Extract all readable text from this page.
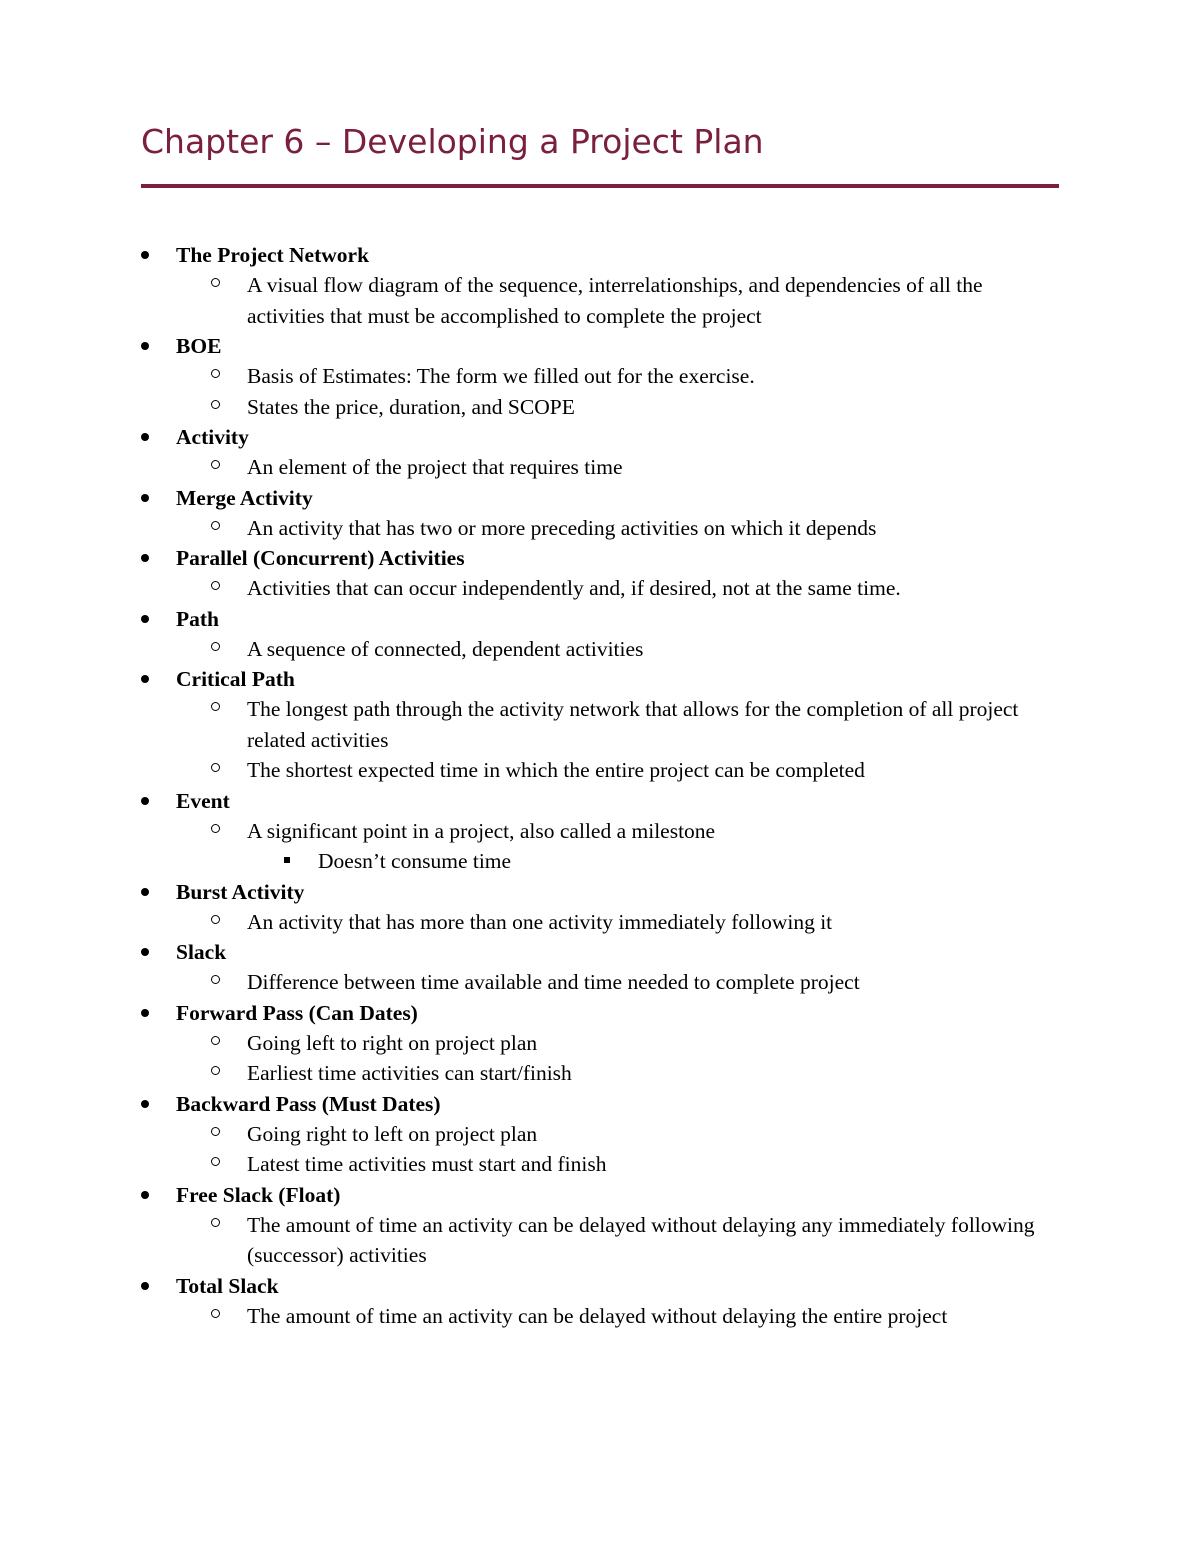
Chapter 6 – Developing a Project Plan
The Project Network
A visual flow diagram of the sequence, interrelationships, and dependencies of all the activities that must be accomplished to complete the project
BOE
Basis of Estimates: The form we filled out for the exercise.
States the price, duration, and SCOPE
Activity
An element of the project that requires time
Merge Activity
An activity that has two or more preceding activities on which it depends
Parallel (Concurrent) Activities
Activities that can occur independently and, if desired, not at the same time.
Path
A sequence of connected, dependent activities
Critical Path
The longest path through the activity network that allows for the completion of all project related activities
The shortest expected time in which the entire project can be completed
Event
A significant point in a project, also called a milestone
Doesn’t consume time
Burst Activity
An activity that has more than one activity immediately following it
Slack
Difference between time available and time needed to complete project
Forward Pass (Can Dates)
Going left to right on project plan
Earliest time activities can start/finish
Backward Pass (Must Dates)
Going right to left on project plan
Latest time activities must start and finish
Free Slack (Float)
The amount of time an activity can be delayed without delaying any immediately following (successor) activities
Total Slack
The amount of time an activity can be delayed without delaying the entire project
